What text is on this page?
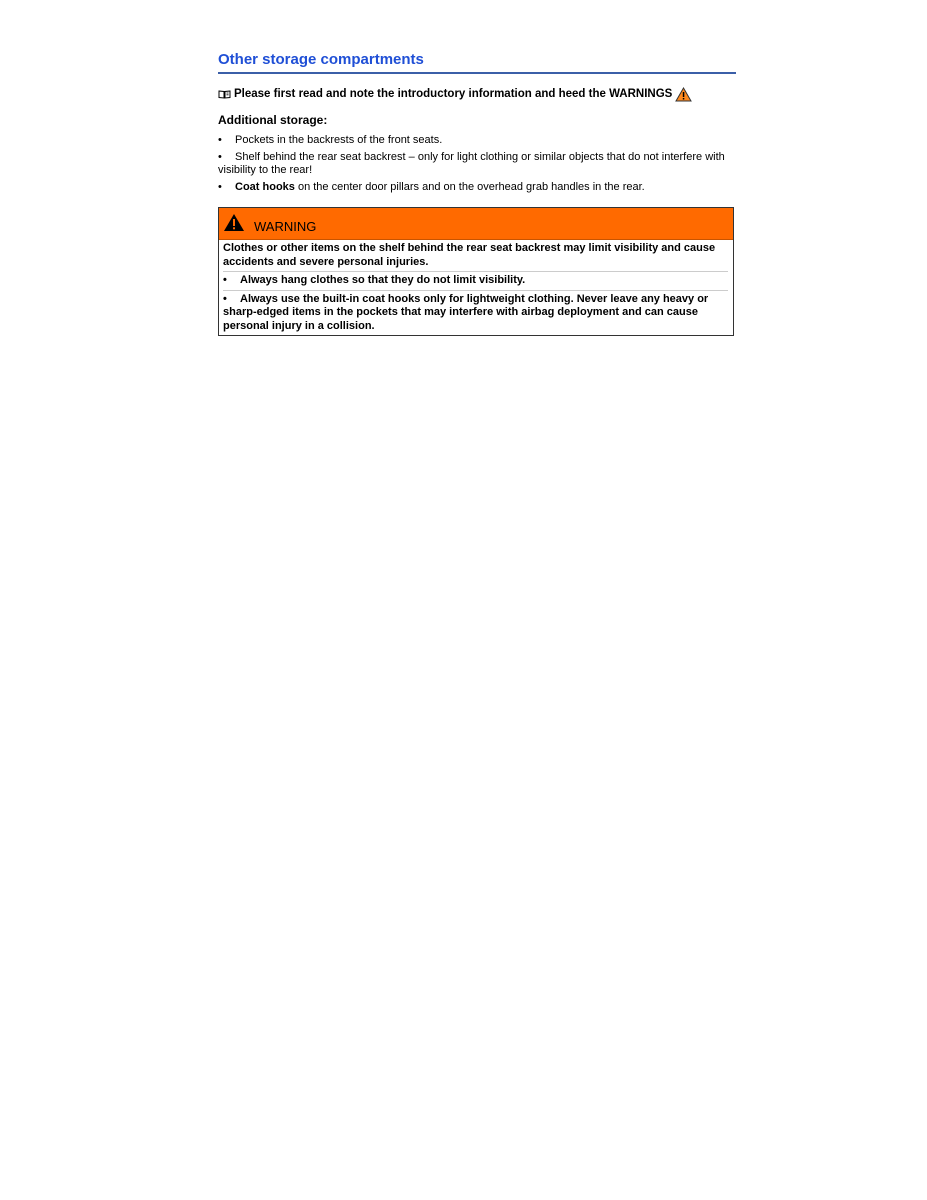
Other storage compartments
Please first read and note the introductory information and heed the WARNINGS
Additional storage:
• Pockets in the backrests of the front seats.
• Shelf behind the rear seat backrest – only for light clothing or similar objects that do not interfere with visibility to the rear!
• Coat hooks on the center door pillars and on the overhead grab handles in the rear.
WARNING

Clothes or other items on the shelf behind the rear seat backrest may limit visibility and cause accidents and severe personal injuries.

• Always hang clothes so that they do not limit visibility.
• Always use the built-in coat hooks only for lightweight clothing. Never leave any heavy or sharp-edged items in the pockets that may interfere with airbag deployment and can cause personal injury in a collision.
